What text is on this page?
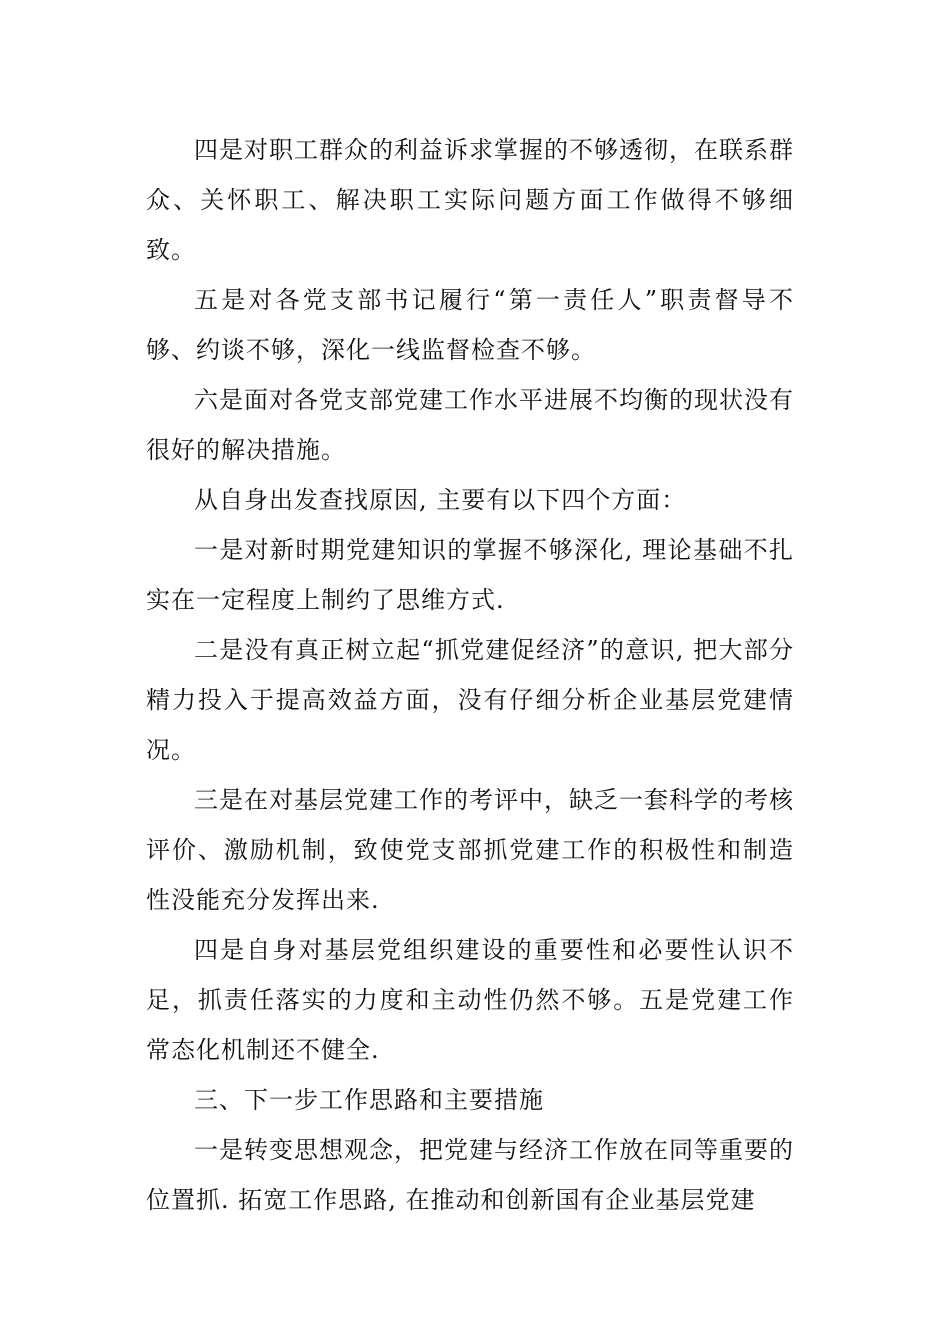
四是对职工群众的利益诉求掌握的不够透彻，在联系群众、关怀职工、解决职工实际问题方面工作做得不够细致。

五是对各党支部书记履行“第一责任人”职责督导不够、约谈不够，深化一线监督检查不够。

六是面对各党支部党建工作水平进展不均衡的现状没有很好的解决措施。

从自身出发查找原因, 主要有以下四个方面：

一是对新时期党建知识的掌握不够深化, 理论基础不扎实在一定程度上制约了思维方式.

二是没有真正树立起“抓党建促经济”的意识, 把大部分精力投入于提高效益方面，没有仔细分析企业基层党建情况。

三是在对基层党建工作的考评中，缺乏一套科学的考核评价、激励机制，致使党支部抓党建工作的积极性和制造性没能充分发挥出来.

四是自身对基层党组织建设的重要性和必要性认识不足，抓责任落实的力度和主动性仍然不够。五是党建工作常态化机制还不健全.

三、下一步工作思路和主要措施

一是转变思想观念，把党建与经济工作放在同等重要的位置抓. 拓宽工作思路, 在推动和创新国有企业基层党建
